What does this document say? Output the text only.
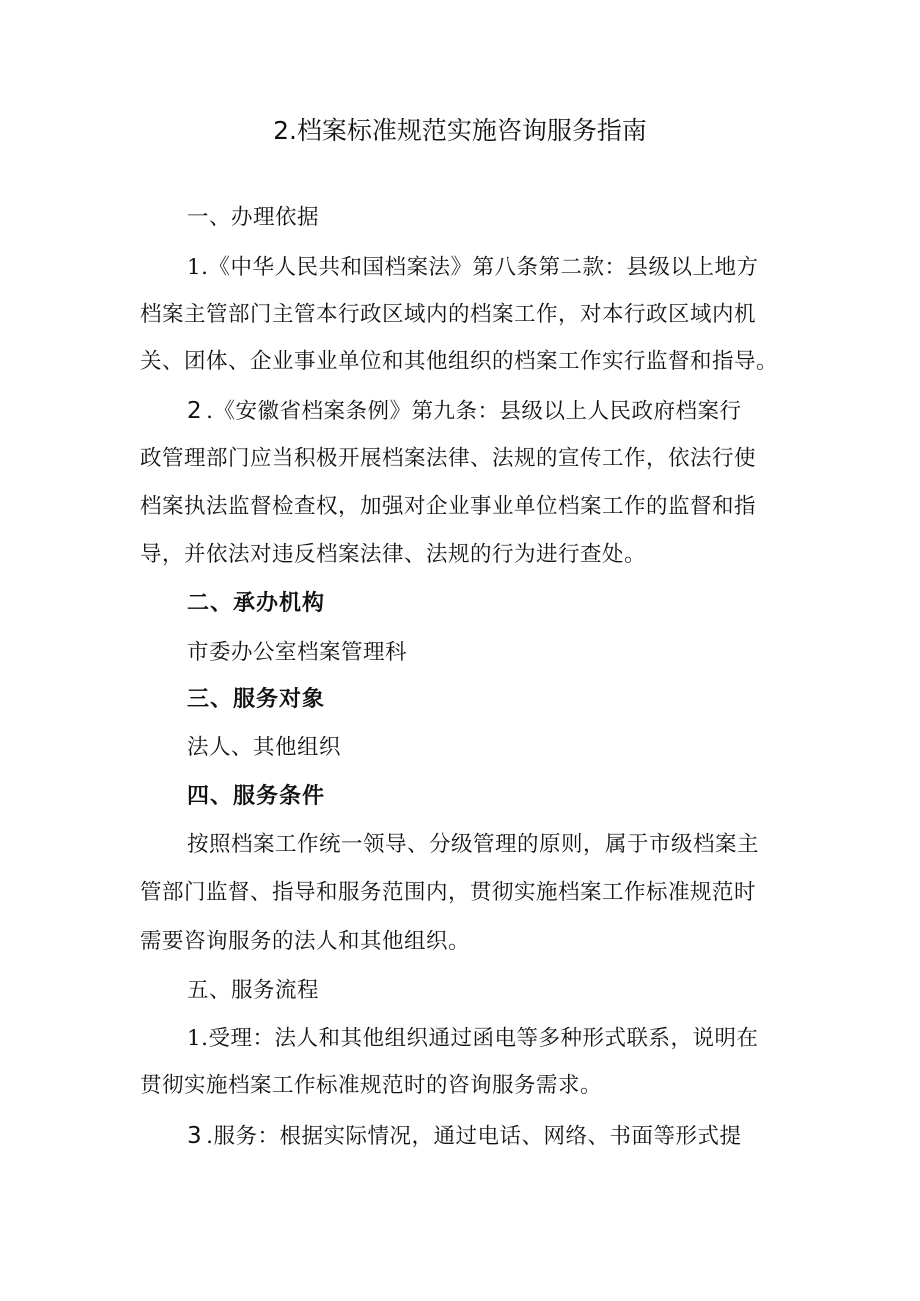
2.档案标准规范实施咨询服务指南
一、办理依据
1.《中华人民共和国档案法》第八条第二款：县级以上地方
档案主管部门主管本行政区域内的档案工作，对本行政区域内机
关、团体、企业事业单位和其他组织的档案工作实行监督和指导。
2 .《安徽省档案条例》第九条：县级以上人民政府档案行
政管理部门应当积极开展档案法律、法规的宣传工作，依法行使
档案执法监督检查权，加强对企业事业单位档案工作的监督和指
导，并依法对违反档案法律、法规的行为进行查处。
二、承办机构
市委办公室档案管理科
三、服务对象
法人、其他组织
四、服务条件
按照档案工作统一领导、分级管理的原则，属于市级档案主
管部门监督、指导和服务范围内，贯彻实施档案工作标准规范时
需要咨询服务的法人和其他组织。
五、服务流程
1.受理：法人和其他组织通过函电等多种形式联系，说明在
贯彻实施档案工作标准规范时的咨询服务需求。
3 .服务：根据实际情况，通过电话、网络、书面等形式提
